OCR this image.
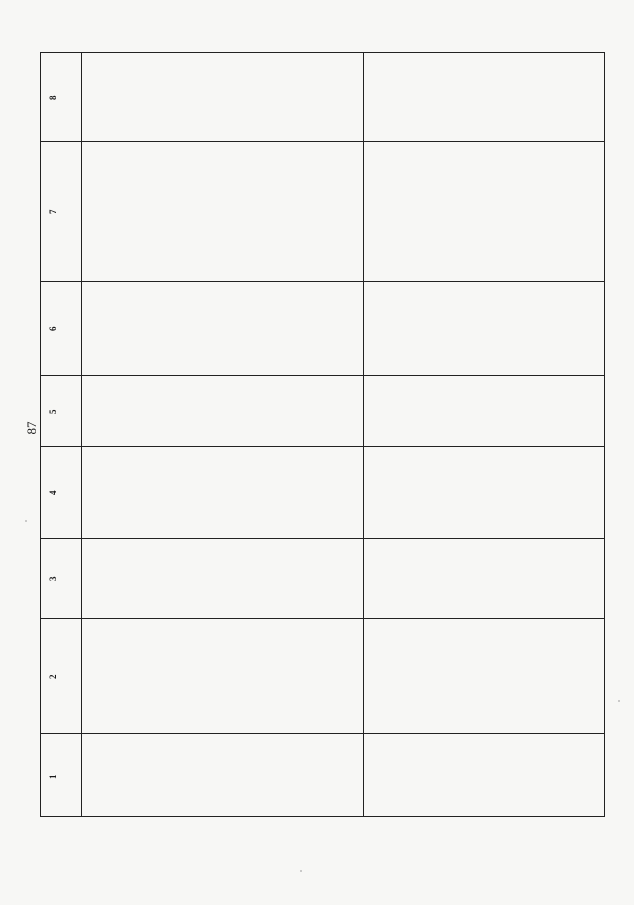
87
1
2
3
4
5
6
7
8
